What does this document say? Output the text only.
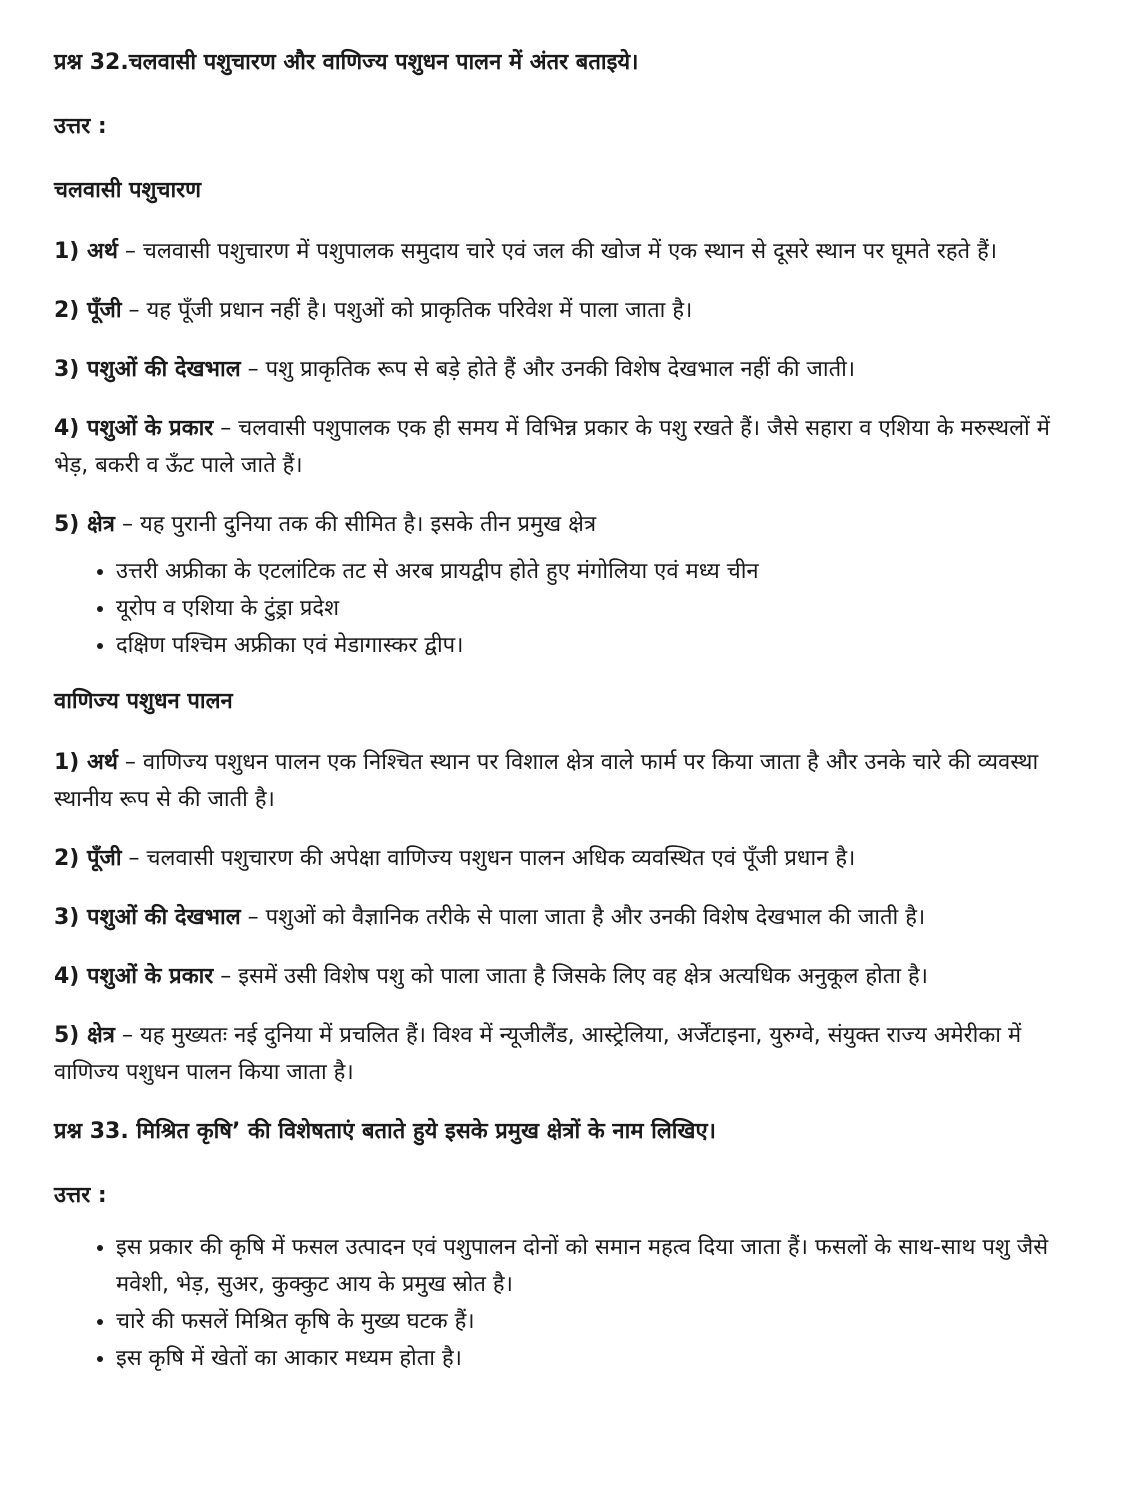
प्रश्न 32.चलवासी पशुचारण और वाणिज्य पशुधन पालन में अंतर बताइये।
उत्तर :
चलवासी पशुचारण
1) अर्थ – चलवासी पशुचारण में पशुपालक समुदाय चारे एवं जल की खोज में एक स्थान से दूसरे स्थान पर घूमते रहते हैं।
2) पूँजी – यह पूँजी प्रधान नहीं है। पशुओं को प्राकृतिक परिवेश में पाला जाता है।
3) पशुओं की देखभाल – पशु प्राकृतिक रूप से बड़े होते हैं और उनकी विशेष देखभाल नहीं की जाती।
4) पशुओं के प्रकार – चलवासी पशुपालक एक ही समय में विभिन्न प्रकार के पशु रखते हैं। जैसे सहारा व एशिया के मरुस्थलों में भेड़, बकरी व ऊँट पाले जाते हैं।
5) क्षेत्र – यह पुरानी दुनिया तक की सीमित है। इसके तीन प्रमुख क्षेत्र
• उत्तरी अफ्रीका के एटलांटिक तट से अरब प्रायद्वीप होते हुए मंगोलिया एवं मध्य चीन
• यूरोप व एशिया के टुंड्रा प्रदेश
• दक्षिण पश्चिम अफ्रीका एवं मेडागास्कर द्वीप।
वाणिज्य पशुधन पालन
1) अर्थ – वाणिज्य पशुधन पालन एक निश्चित स्थान पर विशाल क्षेत्र वाले फार्म पर किया जाता है और उनके चारे की व्यवस्था स्थानीय रूप से की जाती है।
2) पूँजी – चलवासी पशुचारण की अपेक्षा वाणिज्य पशुधन पालन अधिक व्यवस्थित एवं पूँजी प्रधान है।
3) पशुओं की देखभाल – पशुओं को वैज्ञानिक तरीके से पाला जाता है और उनकी विशेष देखभाल की जाती है।
4) पशुओं के प्रकार – इसमें उसी विशेष पशु को पाला जाता है जिसके लिए वह क्षेत्र अत्यधिक अनुकूल होता है।
5) क्षेत्र – यह मुख्यतः नई दुनिया में प्रचलित हैं। विश्व में न्यूजीलैंड, आस्ट्रेलिया, अर्जेंटाइना, युरुग्वे, संयुक्त राज्य अमेरीका में वाणिज्य पशुधन पालन किया जाता है।
प्रश्न 33. मिश्रित कृषि’ की विशेषताएं बताते हुये इसके प्रमुख क्षेत्रों के नाम लिखिए।
उत्तर :
• इस प्रकार की कृषि में फसल उत्पादन एवं पशुपालन दोनों को समान महत्व दिया जाता हैं। फसलों के साथ-साथ पशु जैसे मवेशी, भेड़, सुअर, कुक्कुट आय के प्रमुख स्रोत है।
• चारे की फसलें मिश्रित कृषि के मुख्य घटक हैं।
• इस कृषि में खेतों का आकार मध्यम होता है।
